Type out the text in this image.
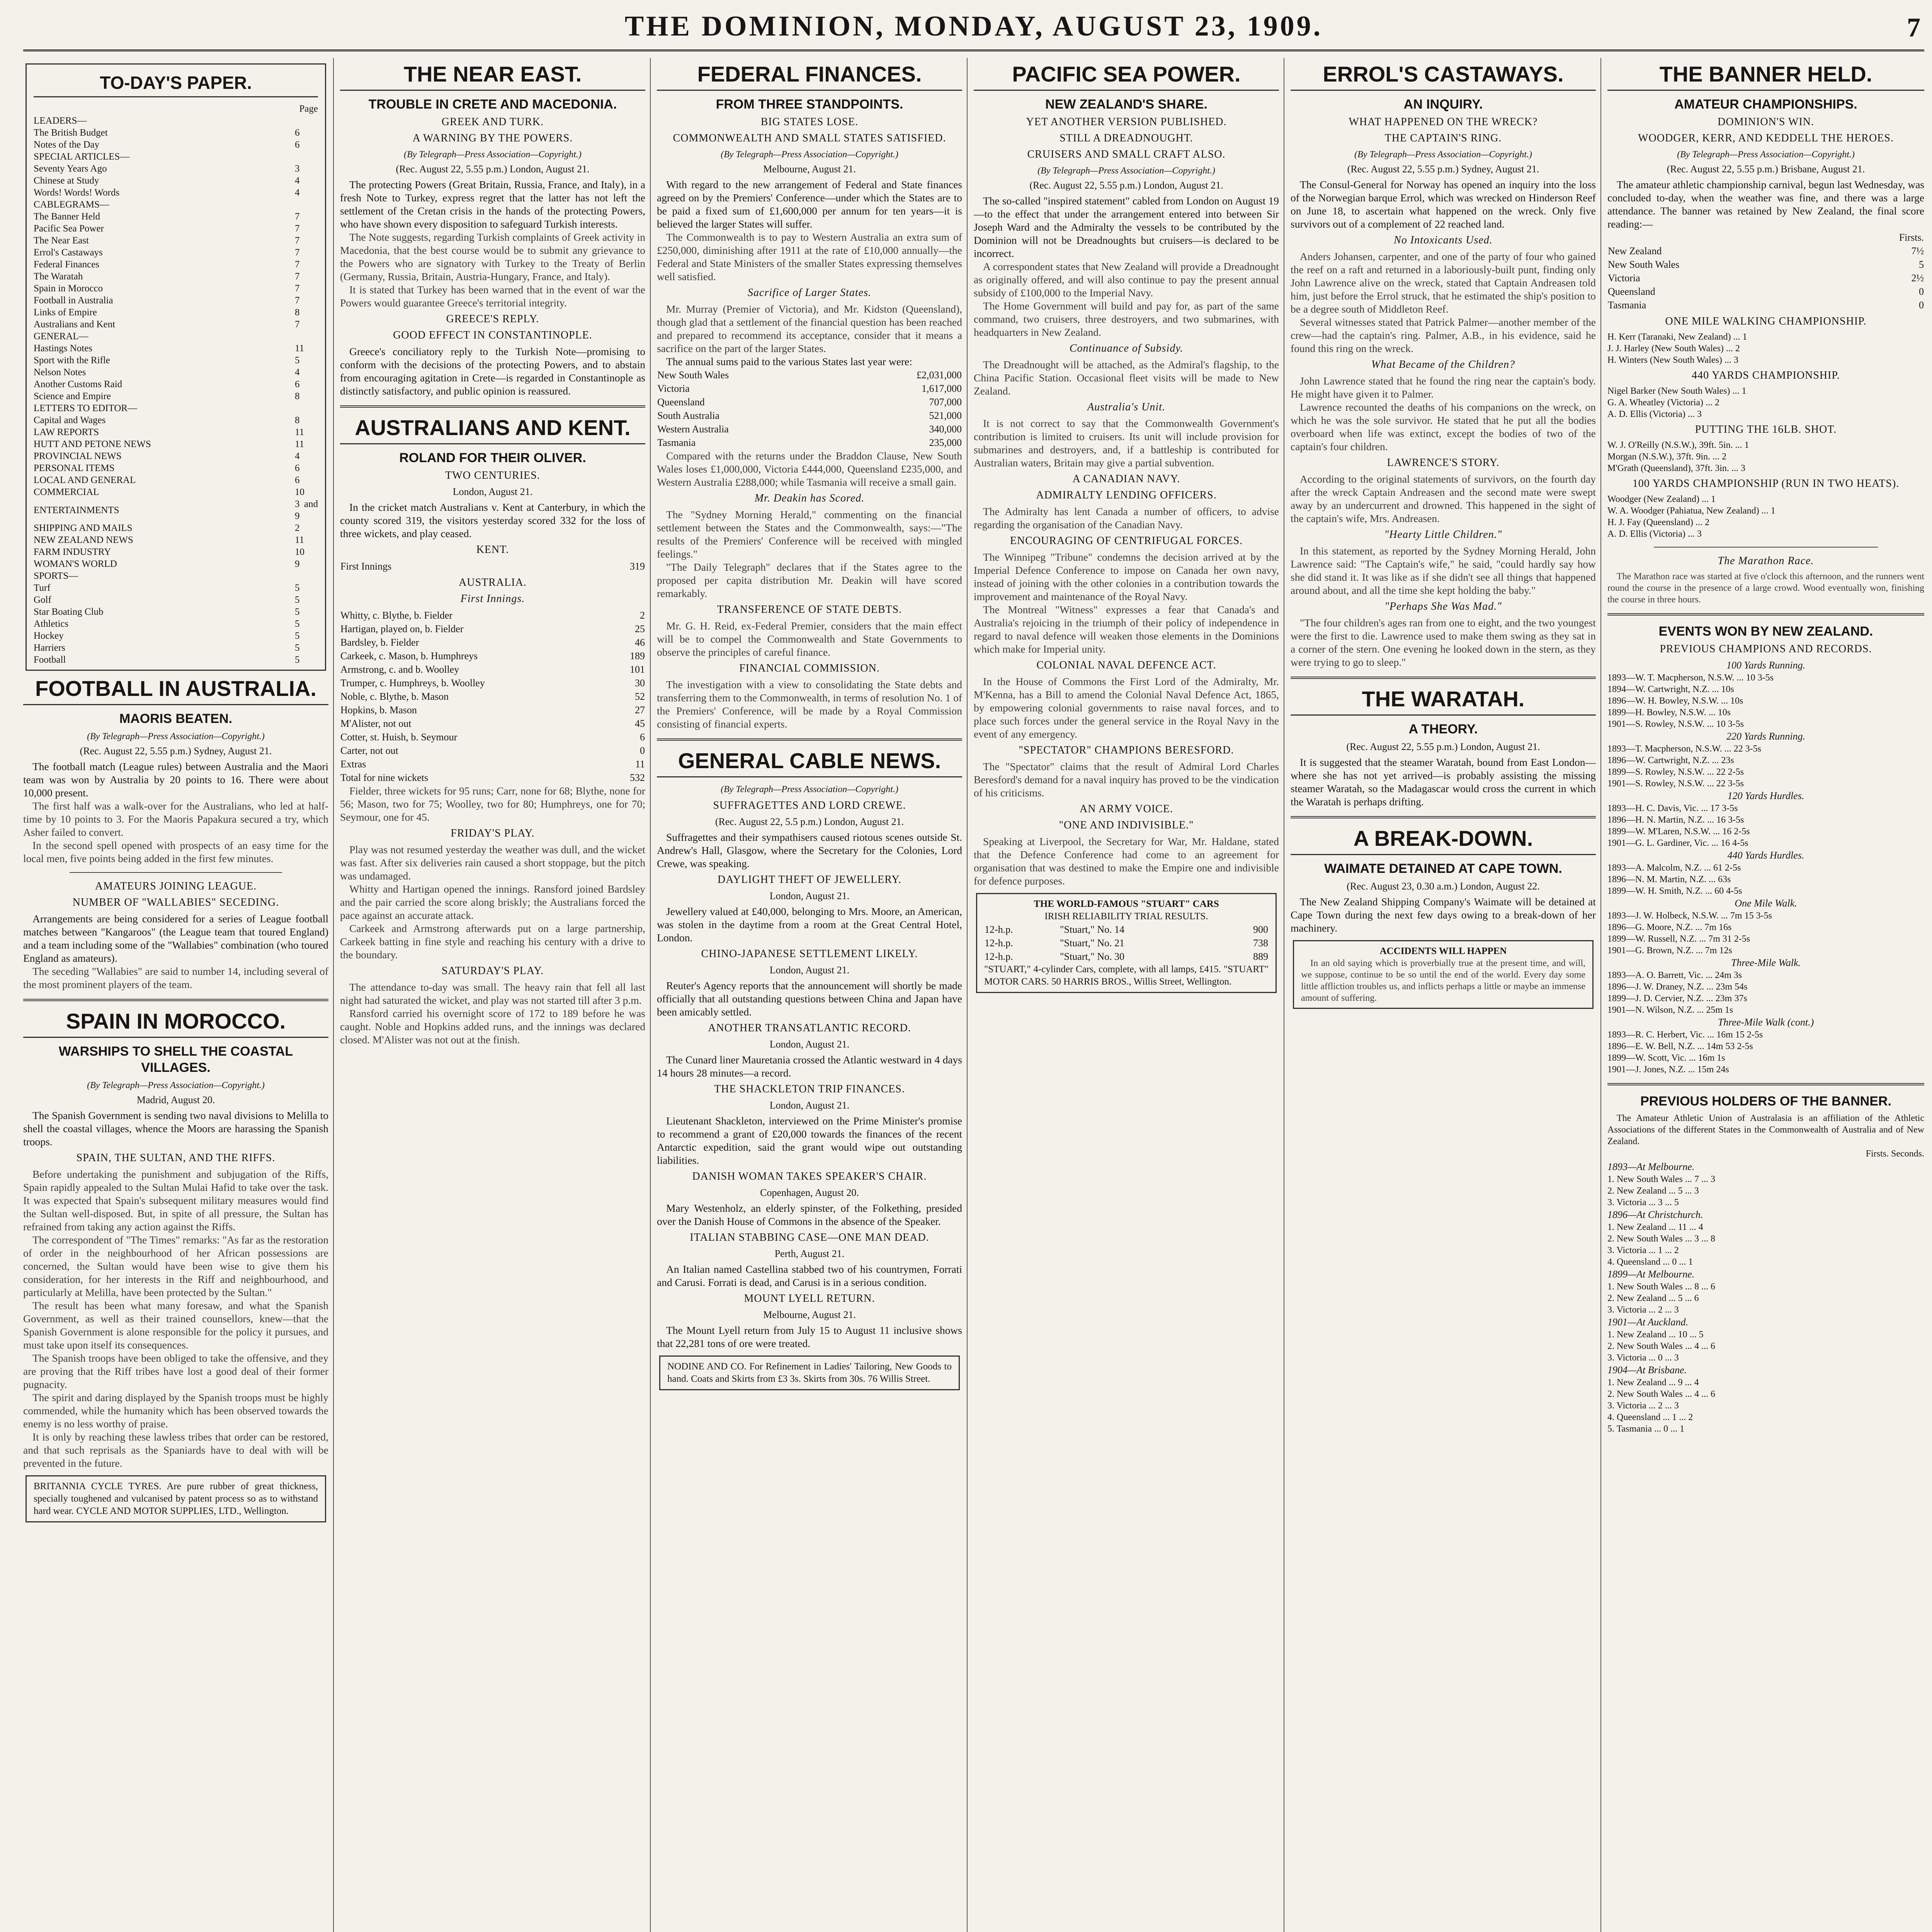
THE DOMINION, MONDAY, AUGUST 23, 1909.	7
TO-DAY'S PAPER.
	Page
LEADERS—	
The British Budget	6
Notes of the Day	6
SPECIAL ARTICLES—	
Seventy Years Ago	3
Chinese at Study	4
Words! Words! Words	4
CABLEGRAMS—	
The Banner Held	7
Pacific Sea Power	7
The Near East	7
Errol's Castaways	7
Federal Finances	7
The Waratah	7
Spain in Morocco	7
Football in Australia	7
Links of Empire	8
Australians and Kent	7
GENERAL—	
Hastings Notes	11
Sport with the Rifle	5
Nelson Notes	4
Another Customs Raid	6
Science and Empire	8
LETTERS TO EDITOR—	
Capital and Wages	8
LAW REPORTS	11
HUTT AND PETONE NEWS	11
PROVINCIAL NEWS	4
PERSONAL ITEMS	6
LOCAL AND GENERAL	6
COMMERCIAL	10
ENTERTAINMENTS	3 and 9
SHIPPING AND MAILS	2
NEW ZEALAND NEWS	11
FARM INDUSTRY	10
WOMAN'S WORLD	9
SPORTS—	
Turf	5
Golf	5
Star Boating Club	5
Athletics	5
Hockey	5
Harriers	5
Football	5
FOOTBALL IN AUSTRALIA.
MAORIS BEATEN.
(By Telegraph—Press Association—Copyright.)
(Rec. August 22, 5.55 p.m.) Sydney, August 21.

The football match (League rules) between Australia and the Maori team was won by Australia by 20 points to 16. There were about 10,000 present.

The first half was a walk-over for the Australians, who led at half-time by 10 points to 3. For the Maoris Papakura secured a try, which Asher failed to convert.
In the second spell opened with prospects of an easy time for the local men, five points being added in the first few minutes.
AMATEURS JOINING LEAGUE.
NUMBER OF "WALLABIES" SECEDING.

Arrangements are being considered for a series of League football matches between "Kangaroos" (the League team that toured England) and a team including some of the "Wallabies" combination (who toured England as amateurs).

The seceding "Wallabies" are said to number 14, including several of the most prominent players of the team.
SPAIN IN MOROCCO.
WARSHIPS TO SHELL THE COASTAL VILLAGES.
(By Telegraph—Press Association—Copyright.)
Madrid, August 20.

The Spanish Government is sending two naval divisions to Melilla to shell the coastal villages, whence the Moors are harassing the Spanish troops.

SPAIN, THE SULTAN, AND THE RIFFS.
Before undertaking the punishment and subjugation of the Riffs, Spain rapidly appealed to the Sultan Mulai Hafid to take over the task. It was expected that Spain's subsequent military measures would find the Sultan well-disposed. But, in spite of all pressure, the Sultan has refrained from taking any action against the Riffs.
The correspondent of "The Times" remarks: "As far as the restoration of order in the neighbourhood of her African possessions are concerned, the Sultan would have been wise to give them his consideration, for her interests in the Riff and neighbourhood, and particularly at Melilla, have been protected by the Sultan."
The result has been what many foresaw, and what the Spanish Government, as well as their trained counsellors, knew—that the Spanish Government is alone responsible for the policy it pursues, and must take upon itself its consequences.
The Spanish troops have been obliged to take the offensive, and they are proving that the Riff tribes have lost a good deal of their former pugnacity.
The spirit and daring displayed by the Spanish troops must be highly commended, while the humanity which has been observed towards the enemy is no less worthy of praise.
It is only by reaching these lawless tribes that order can be restored, and that such reprisals as the Spaniards have to deal with will be prevented in the future.
BRITANNIA CYCLE TYRES. Are pure rubber of great thickness, specially toughened and vulcanised by patent process so as to withstand hard wear. CYCLE AND MOTOR SUPPLIES, LTD., Wellington.
THE NEAR EAST.
TROUBLE IN CRETE AND MACEDONIA.
GREEK AND TURK.
A WARNING BY THE POWERS.
(By Telegraph—Press Association—Copyright.)
(Rec. August 22, 5.55 p.m.) London, August 21.

The protecting Powers (Great Britain, Russia, France, and Italy), in a fresh Note to Turkey, express regret that the latter has not left the settlement of the Cretan crisis in the hands of the protecting Powers, who have shown every disposition to safeguard Turkish interests.

The Note suggests, regarding Turkish complaints of Greek activity in Macedonia, that the best course would be to submit any grievance to the Powers who are signatory with Turkey to the Treaty of Berlin (Germany, Russia, Britain, Austria-Hungary, France, and Italy).
It is stated that Turkey has been warned that in the event of war the Powers would guarantee Greece's territorial integrity.
GREECE'S REPLY.
GOOD EFFECT IN CONSTANTINOPLE.

Greece's conciliatory reply to the Turkish Note—promising to conform with the decisions of the protecting Powers, and to abstain from encouraging agitation in Crete—is regarded in Constantinople as distinctly satisfactory, and public opinion is reassured.

AUSTRALIANS AND KENT.
ROLAND FOR THEIR OLIVER.
TWO CENTURIES.
London, August 21.

In the cricket match Australians v. Kent at Canterbury, in which the county scored 319, the visitors yesterday scored 332 for the loss of three wickets, and play ceased.

KENT.
First Innings	319
AUSTRALIA.
First Innings.
Whitty, c. Blythe, b. Fielder	2
Hartigan, played on, b. Fielder	25
Bardsley, b. Fielder	46
Carkeek, c. Mason, b. Humphreys	189
Armstrong, c. and b. Woolley	101
Trumper, c. Humphreys, b. Woolley	30
Noble, c. Blythe, b. Mason	52
Hopkins, b. Mason	27
M'Alister, not out	45
Cotter, st. Huish, b. Seymour	6
Carter, not out	0
Extras	11
Total for nine wickets	532
Fielder, three wickets for 95 runs; Carr, none for 68; Blythe, none for 56; Mason, two for 75; Woolley, two for 80; Humphreys, one for 70; Seymour, one for 45.
FRIDAY'S PLAY.
Play was not resumed yesterday the weather was dull, and the wicket was fast. After six deliveries rain caused a short stoppage, but the pitch was undamaged.
Whitty and Hartigan opened the innings. Ransford joined Bardsley and the pair carried the score along briskly; the Australians forced the pace against an accurate attack.
Carkeek and Armstrong afterwards put on a large partnership, Carkeek batting in fine style and reaching his century with a drive to the boundary.
SATURDAY'S PLAY.
The attendance to-day was small. The heavy rain that fell all last night had saturated the wicket, and play was not started till after 3 p.m.
Ransford carried his overnight score of 172 to 189 before he was caught. Noble and Hopkins added runs, and the innings was declared closed. M'Alister was not out at the finish.
FEDERAL FINANCES.
FROM THREE STANDPOINTS.
BIG STATES LOSE.
COMMONWEALTH AND SMALL STATES SATISFIED.
(By Telegraph—Press Association—Copyright.)
Melbourne, August 21.

With regard to the new arrangement of Federal and State finances agreed on by the Premiers' Conference—under which the States are to be paid a fixed sum of £1,600,000 per annum for ten years—it is believed the larger States will suffer.

The Commonwealth is to pay to Western Australia an extra sum of £250,000, diminishing after 1911 at the rate of £10,000 annually—the Federal and State Ministers of the smaller States expressing themselves well satisfied.
Sacrifice of Larger States.
Mr. Murray (Premier of Victoria), and Mr. Kidston (Queensland), though glad that a settlement of the financial question has been reached and prepared to recommend its acceptance, consider that it means a sacrifice on the part of the larger States.

The annual sums paid to the various States last year were:

New South Wales	£2,031,000
Victoria	1,617,000
Queensland	707,000
South Australia	521,000
Western Australia	340,000
Tasmania	235,000
Compared with the returns under the Braddon Clause, New South Wales loses £1,000,000, Victoria £444,000, Queensland £235,000, and Western Australia £288,000; while Tasmania will receive a small gain.
Mr. Deakin has Scored.
The "Sydney Morning Herald," commenting on the financial settlement between the States and the Commonwealth, says:—"The results of the Premiers' Conference will be received with mingled feelings."
"The Daily Telegraph" declares that if the States agree to the proposed per capita distribution Mr. Deakin will have scored remarkably.
TRANSFERENCE OF STATE DEBTS.
Mr. G. H. Reid, ex-Federal Premier, considers that the main effect will be to compel the Commonwealth and State Governments to observe the principles of careful finance.
FINANCIAL COMMISSION.
The investigation with a view to consolidating the State debts and transferring them to the Commonwealth, in terms of resolution No. 1 of the Premiers' Conference, will be made by a Royal Commission consisting of financial experts.
GENERAL CABLE NEWS.
(By Telegraph—Press Association—Copyright.)
SUFFRAGETTES AND LORD CREWE.
(Rec. August 22, 5.5 p.m.) London, August 21.

Suffragettes and their sympathisers caused riotous scenes outside St. Andrew's Hall, Glasgow, where the Secretary for the Colonies, Lord Crewe, was speaking.

DAYLIGHT THEFT OF JEWELLERY.
London, August 21.

Jewellery valued at £40,000, belonging to Mrs. Moore, an American, was stolen in the daytime from a room at the Great Central Hotel, London.

CHINO-JAPANESE SETTLEMENT LIKELY.
London, August 21.

Reuter's Agency reports that the announcement will shortly be made officially that all outstanding questions between China and Japan have been amicably settled.

ANOTHER TRANSATLANTIC RECORD.
London, August 21.

The Cunard liner Mauretania crossed the Atlantic westward in 4 days 14 hours 28 minutes—a record.

THE SHACKLETON TRIP FINANCES.
London, August 21.

Lieutenant Shackleton, interviewed on the Prime Minister's promise to recommend a grant of £20,000 towards the finances of the recent Antarctic expedition, said the grant would wipe out outstanding liabilities.

DANISH WOMAN TAKES SPEAKER'S CHAIR.
Copenhagen, August 20.

Mary Westenholz, an elderly spinster, of the Folkething, presided over the Danish House of Commons in the absence of the Speaker.

ITALIAN STABBING CASE—ONE MAN DEAD.
Perth, August 21.

An Italian named Castellina stabbed two of his countrymen, Forrati and Carusi. Forrati is dead, and Carusi is in a serious condition.

MOUNT LYELL RETURN.
Melbourne, August 21.

The Mount Lyell return from July 15 to August 11 inclusive shows that 22,281 tons of ore were treated.

NODINE AND CO. For Refinement in Ladies' Tailoring, New Goods to hand. Coats and Skirts from £3 3s. Skirts from 30s. 76 Willis Street.
PACIFIC SEA POWER.
NEW ZEALAND'S SHARE.
YET ANOTHER VERSION PUBLISHED.
STILL A DREADNOUGHT.
CRUISERS AND SMALL CRAFT ALSO.
(By Telegraph—Press Association—Copyright.)
(Rec. August 22, 5.55 p.m.) London, August 21.

The so-called "inspired statement" cabled from London on August 19—to the effect that under the arrangement entered into between Sir Joseph Ward and the Admiralty the vessels to be contributed by the Dominion will not be Dreadnoughts but cruisers—is declared to be incorrect.

A correspondent states that New Zealand will provide a Dreadnought as originally offered, and will also continue to pay the present annual subsidy of £100,000 to the Imperial Navy.
The Home Government will build and pay for, as part of the same command, two cruisers, three destroyers, and two submarines, with headquarters in New Zealand.
Continuance of Subsidy.
The Dreadnought will be attached, as the Admiral's flagship, to the China Pacific Station. Occasional fleet visits will be made to New Zealand.
Australia's Unit.
It is not correct to say that the Commonwealth Government's contribution is limited to cruisers. Its unit will include provision for submarines and destroyers, and, if a battleship is contributed for Australian waters, Britain may give a partial subvention.
A CANADIAN NAVY.
ADMIRALTY LENDING OFFICERS.
The Admiralty has lent Canada a number of officers, to advise regarding the organisation of the Canadian Navy.
ENCOURAGING OF CENTRIFUGAL FORCES.
The Winnipeg "Tribune" condemns the decision arrived at by the Imperial Defence Conference to impose on Canada her own navy, instead of joining with the other colonies in a contribution towards the improvement and maintenance of the Royal Navy.
The Montreal "Witness" expresses a fear that Canada's and Australia's rejoicing in the triumph of their policy of independence in regard to naval defence will weaken those elements in the Dominions which make for Imperial unity.
COLONIAL NAVAL DEFENCE ACT.
In the House of Commons the First Lord of the Admiralty, Mr. M'Kenna, has a Bill to amend the Colonial Naval Defence Act, 1865, by empowering colonial governments to raise naval forces, and to place such forces under the general service in the Royal Navy in the event of any emergency.
"SPECTATOR" CHAMPIONS BERESFORD.
The "Spectator" claims that the result of Admiral Lord Charles Beresford's demand for a naval inquiry has proved to be the vindication of his criticisms.
AN ARMY VOICE.
"ONE AND INDIVISIBLE."
Speaking at Liverpool, the Secretary for War, Mr. Haldane, stated that the Defence Conference had come to an agreement for organisation that was destined to make the Empire one and indivisible for defence purposes.
THE WORLD-FAMOUS "STUART" CARS
IRISH RELIABILITY TRIAL RESULTS.
12-h.p.	"Stuart," No. 14	900
12-h.p.	"Stuart," No. 21	738
12-h.p.	"Stuart," No. 30	889
"STUART," 4-cylinder Cars, complete, with all lamps, £415. "STUART" MOTOR CARS. 50 HARRIS BROS., Willis Street, Wellington.
ERROL'S CASTAWAYS.
AN INQUIRY.
WHAT HAPPENED ON THE WRECK?
THE CAPTAIN'S RING.
(By Telegraph—Press Association—Copyright.)
(Rec. August 22, 5.55 p.m.) Sydney, August 21.

The Consul-General for Norway has opened an inquiry into the loss of the Norwegian barque Errol, which was wrecked on Hinderson Reef on June 18, to ascertain what happened on the wreck. Only five survivors out of a complement of 22 reached land.

No Intoxicants Used.
Anders Johansen, carpenter, and one of the party of four who gained the reef on a raft and returned in a laboriously-built punt, finding only John Lawrence alive on the wreck, stated that Captain Andreasen told him, just before the Errol struck, that he estimated the ship's position to be a degree south of Middleton Reef.
Several witnesses stated that Patrick Palmer—another member of the crew—had the captain's ring. Palmer, A.B., in his evidence, said he found this ring on the wreck.
What Became of the Children?
John Lawrence stated that he found the ring near the captain's body. He might have given it to Palmer.
Lawrence recounted the deaths of his companions on the wreck, on which he was the sole survivor. He stated that he put all the bodies overboard when life was extinct, except the bodies of two of the captain's four children.
LAWRENCE'S STORY.
According to the original statements of survivors, on the fourth day after the wreck Captain Andreasen and the second mate were swept away by an undercurrent and drowned. This happened in the sight of the captain's wife, Mrs. Andreasen.
"Hearty Little Children."
In this statement, as reported by the Sydney Morning Herald, John Lawrence said: "The Captain's wife," he said, "could hardly say how she did stand it. It was like as if she didn't see all things that happened around about, and all the time she kept holding the baby."
"Perhaps She Was Mad."
"The four children's ages ran from one to eight, and the two youngest were the first to die. Lawrence used to make them swing as they sat in a corner of the stern. One evening he looked down in the stern, as they were trying to go to sleep."
THE WARATAH.
A THEORY.
(Rec. August 22, 5.55 p.m.) London, August 21.

It is suggested that the steamer Waratah, bound from East London—where she has not yet arrived—is probably assisting the missing steamer Waratah, so the Madagascar would cross the current in which the Waratah is perhaps drifting.

A BREAK-DOWN.
WAIMATE DETAINED AT CAPE TOWN.
(Rec. August 23, 0.30 a.m.) London, August 22.

The New Zealand Shipping Company's Waimate will be detained at Cape Town during the next few days owing to a break-down of her machinery.

ACCIDENTS WILL HAPPEN
In an old saying which is proverbially true at the present time, and will, we suppose, continue to be so until the end of the world. Every day some little affliction troubles us, and inflicts perhaps a little or maybe an immense amount of suffering.
THE BANNER HELD.
AMATEUR CHAMPIONSHIPS.
DOMINION'S WIN.
WOODGER, KERR, AND KEDDELL THE HEROES.
(By Telegraph—Press Association—Copyright.)
(Rec. August 22, 5.55 p.m.) Brisbane, August 21.

The amateur athletic championship carnival, begun last Wednesday, was concluded to-day, when the weather was fine, and there was a large attendance. The banner was retained by New Zealand, the final score reading:—

	Firsts.
New Zealand	7½
New South Wales	5
Victoria	2½
Queensland	0
Tasmania	0
ONE MILE WALKING CHAMPIONSHIP.
H. Kerr (Taranaki, New Zealand) ... 1
J. J. Harley (New South Wales) ... 2
H. Winters (New South Wales) ... 3
440 YARDS CHAMPIONSHIP.
Nigel Barker (New South Wales) ... 1
G. A. Wheatley (Victoria) ... 2
A. D. Ellis (Victoria) ... 3
PUTTING THE 16LB. SHOT.
W. J. O'Reilly (N.S.W.), 39ft. 5in. ... 1
Morgan (N.S.W.), 37ft. 9in. ... 2
M'Grath (Queensland), 37ft. 3in. ... 3
100 YARDS CHAMPIONSHIP (RUN IN TWO HEATS).
Woodger (New Zealand) ... 1
W. A. Woodger (Pahiatua, New Zealand) ... 1
H. J. Fay (Queensland) ... 2
A. D. Ellis (Victoria) ... 3
The Marathon Race.
The Marathon race was started at five o'clock this afternoon, and the runners went round the course in the presence of a large crowd. Wood eventually won, finishing the course in three hours.
EVENTS WON BY NEW ZEALAND.
PREVIOUS CHAMPIONS AND RECORDS.
100 Yards Running.
1893—W. T. Macpherson, N.S.W. ... 10 3-5s
1894—W. Cartwright, N.Z. ... 10s
1896—W. H. Bowley, N.S.W. ... 10s
1899—H. Bowley, N.S.W. ... 10s
1901—S. Rowley, N.S.W. ... 10 3-5s
220 Yards Running.
1893—T. Macpherson, N.S.W. ... 22 3-5s
1896—W. Cartwright, N.Z. ... 23s
1899—S. Rowley, N.S.W. ... 22 2-5s
1901—S. Rowley, N.S.W. ... 22 3-5s
120 Yards Hurdles.
1893—H. C. Davis, Vic. ... 17 3-5s
1896—H. N. Martin, N.Z. ... 16 3-5s
1899—W. M'Laren, N.S.W. ... 16 2-5s
1901—G. L. Gardiner, Vic. ... 16 4-5s
440 Yards Hurdles.
1893—A. Malcolm, N.Z. ... 61 2-5s
1896—N. M. Martin, N.Z. ... 63s
1899—W. H. Smith, N.Z. ... 60 4-5s
One Mile Walk.
1893—J. W. Holbeck, N.S.W. ... 7m 15 3-5s
1896—G. Moore, N.Z. ... 7m 16s
1899—W. Russell, N.Z. ... 7m 31 2-5s
1901—G. Brown, N.Z. ... 7m 12s
Three-Mile Walk.
1893—A. O. Barrett, Vic. ... 24m 3s
1896—J. W. Draney, N.Z. ... 23m 54s
1899—J. D. Cervier, N.Z. ... 23m 37s
1901—N. Wilson, N.Z. ... 25m 1s
Three-Mile Walk (cont.)
1893—R. C. Herbert, Vic. ... 16m 15 2-5s
1896—E. W. Bell, N.Z. ... 14m 53 2-5s
1899—W. Scott, Vic. ... 16m 1s
1901—J. Jones, N.Z. ... 15m 24s
PREVIOUS HOLDERS OF THE BANNER.

The Amateur Athletic Union of Australasia is an affiliation of the Athletic Associations of the different States in the Commonwealth of Australia and of New Zealand.

Firsts. Seconds.
1893—At Melbourne.
1. New South Wales ... 7 ... 3
2. New Zealand ... 5 ... 3
3. Victoria ... 3 ... 5
1896—At Christchurch.
1. New Zealand ... 11 ... 4
2. New South Wales ... 3 ... 8
3. Victoria ... 1 ... 2
4. Queensland ... 0 ... 1
1899—At Melbourne.
1. New South Wales ... 8 ... 6
2. New Zealand ... 5 ... 6
3. Victoria ... 2 ... 3
1901—At Auckland.
1. New Zealand ... 10 ... 5
2. New South Wales ... 4 ... 6
3. Victoria ... 0 ... 3
1904—At Brisbane.
1. New Zealand ... 9 ... 4
2. New South Wales ... 4 ... 6
3. Victoria ... 2 ... 3
4. Queensland ... 1 ... 2
5. Tasmania ... 0 ... 1
